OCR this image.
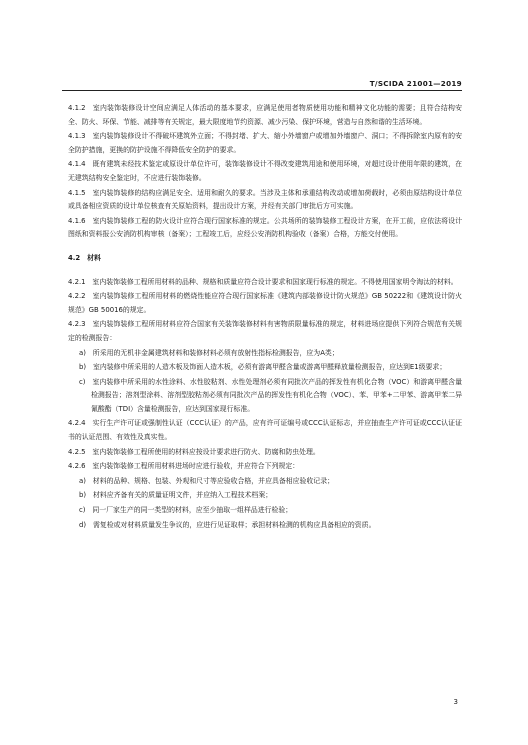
T/SCIDA 21001—2019

4.1.2　室内装饰装修设计空间应满足人体活动的基本要求，应满足使用者物质使用功能和精神文化功能的需要；且符合结构安全、防火、环保、节能、减排等有关规定，最大限度地节约资源、减少污染、保护环境，营造与自然和谐的生活环境。

4.1.3　室内装饰装修设计不得破坏建筑外立面；不得封堵、扩大、缩小外墙窗户或增加外墙窗户、洞口；不得拆除室内原有的安全防护措施，更换的防护设施不得降低安全防护的要求。

4.1.4　既有建筑未经技术鉴定或原设计单位许可，装饰装修设计不得改变建筑用途和使用环境，对超过设计使用年限的建筑，在无建筑结构安全鉴定时，不应进行装饰装修。

4.1.5　室内装饰装修的结构应满足安全、适用和耐久的要求。当涉及主体和承重结构改动或增加荷载时，必须由原结构设计单位或具备相应资质的设计单位核查有关原始资料，提出设计方案，并经有关部门审批后方可实施。

4.1.6　室内装饰装修工程的防火设计应符合现行国家标准的规定。公共场所的装饰装修工程设计方案，在开工前，应依法将设计图纸和资料报公安消防机构审核（备案）；工程竣工后，应经公安消防机构验收（备案）合格，方能交付使用。

4.2　 材料

4.2.1　室内装饰装修工程所用材料的品种、规格和质量应符合设计要求和国家现行标准的规定。不得使用国家明令淘汰的材料。

4.2.2　室内装饰装修工程所用材料的燃烧性能应符合现行国家标准《建筑内部装修设计防火规范》GB 50222和《建筑设计防火规范》GB 50016的规定。

4.2.3　室内装饰装修工程所用材料应符合国家有关装饰装修材料有害物质限量标准的规定，材料进场应提供下列符合规范有关规定的检测报告：

a)　所采用的无机非金属建筑材料和装修材料必须有放射性指标检测报告，应为A类；

b)　室内装修中所采用的人造木板及饰面人造木板，必须有游离甲醛含量或游离甲醛释放量检测报告，应达到E1级要求；

c)　室内装修中所采用的水性涂料、水性胶粘剂、水性处理剂必须有同批次产品的挥发性有机化合物（VOC）和游离甲醛含量检测报告；溶剂型涂料、溶剂型胶粘剂必须有同批次产品的挥发性有机化合物（VOC）、苯、甲苯+二甲苯、游离甲苯二异氰酸酯（TDI）含量检测报告，应达到国家现行标准。

4.2.4　实行生产许可证或强制性认证（CCC认证）的产品，应有许可证编号或CCC认证标志，并应抽查生产许可证或CCC认证证书的认证范围、有效性及真实性。

4.2.5　室内装饰装修工程所使用的材料应按设计要求进行防火、防腐和防虫处理。

4.2.6　室内装饰装修工程所用材料进场时应进行验收，并应符合下列规定：

a)　材料的品种、规格、包装、外观和尺寸等应验收合格，并应具备相应验收记录；

b)　材料应齐备有关的质量证明文件，并应纳入工程技术档案；

c)　同一厂家生产的同一类型的材料，应至少抽取一组样品进行检验；

d)　需复检或对材料质量发生争议的，应进行见证取样；承担材料检测的机构应具备相应的资质。

3
